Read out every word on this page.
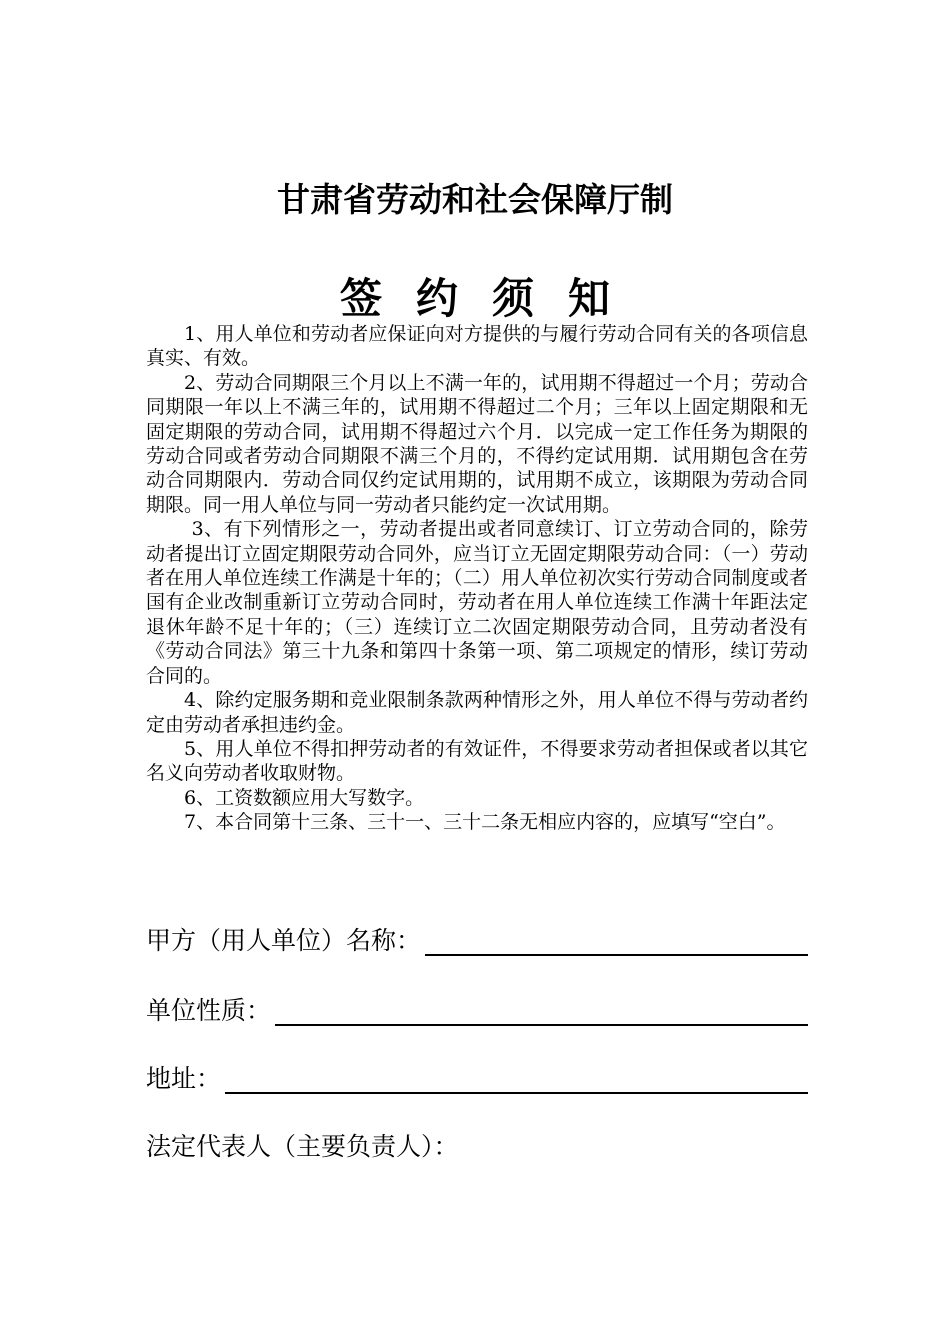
甘肃省劳动和社会保障厅制
签约须知

1、用人单位和劳动者应保证向对方提供的与履行劳动合同有关的各项信息真实、有效。

2、劳动合同期限三个月以上不满一年的，试用期不得超过一个月；劳动合同期限一年以上不满三年的，试用期不得超过二个月；三年以上固定期限和无固定期限的劳动合同，试用期不得超过六个月．以完成一定工作任务为期限的劳动合同或者劳动合同期限不满三个月的，不得约定试用期．试用期包含在劳动合同期限内．劳动合同仅约定试用期的，试用期不成立，该期限为劳动合同期限。同一用人单位与同一劳动者只能约定一次试用期。

3、有下列情形之一，劳动者提出或者同意续订、订立劳动合同的，除劳动者提出订立固定期限劳动合同外，应当订立无固定期限劳动合同：（一）劳动者在用人单位连续工作满是十年的；（二）用人单位初次实行劳动合同制度或者国有企业改制重新订立劳动合同时，劳动者在用人单位连续工作满十年距法定退休年龄不足十年的；（三）连续订立二次固定期限劳动合同，且劳动者没有《劳动合同法》第三十九条和第四十条第一项、第二项规定的情形，续订劳动合同的。

4、除约定服务期和竞业限制条款两种情形之外，用人单位不得与劳动者约定由劳动者承担违约金。

5、用人单位不得扣押劳动者的有效证件，不得要求劳动者担保或者以其它名义向劳动者收取财物。

6、工资数额应用大写数字。

7、本合同第十三条、三十一、三十二条无相应内容的，应填写“空白”。

甲方（用人单位）名称：
单位性质：
地址：
法定代表人（主要负责人）：
